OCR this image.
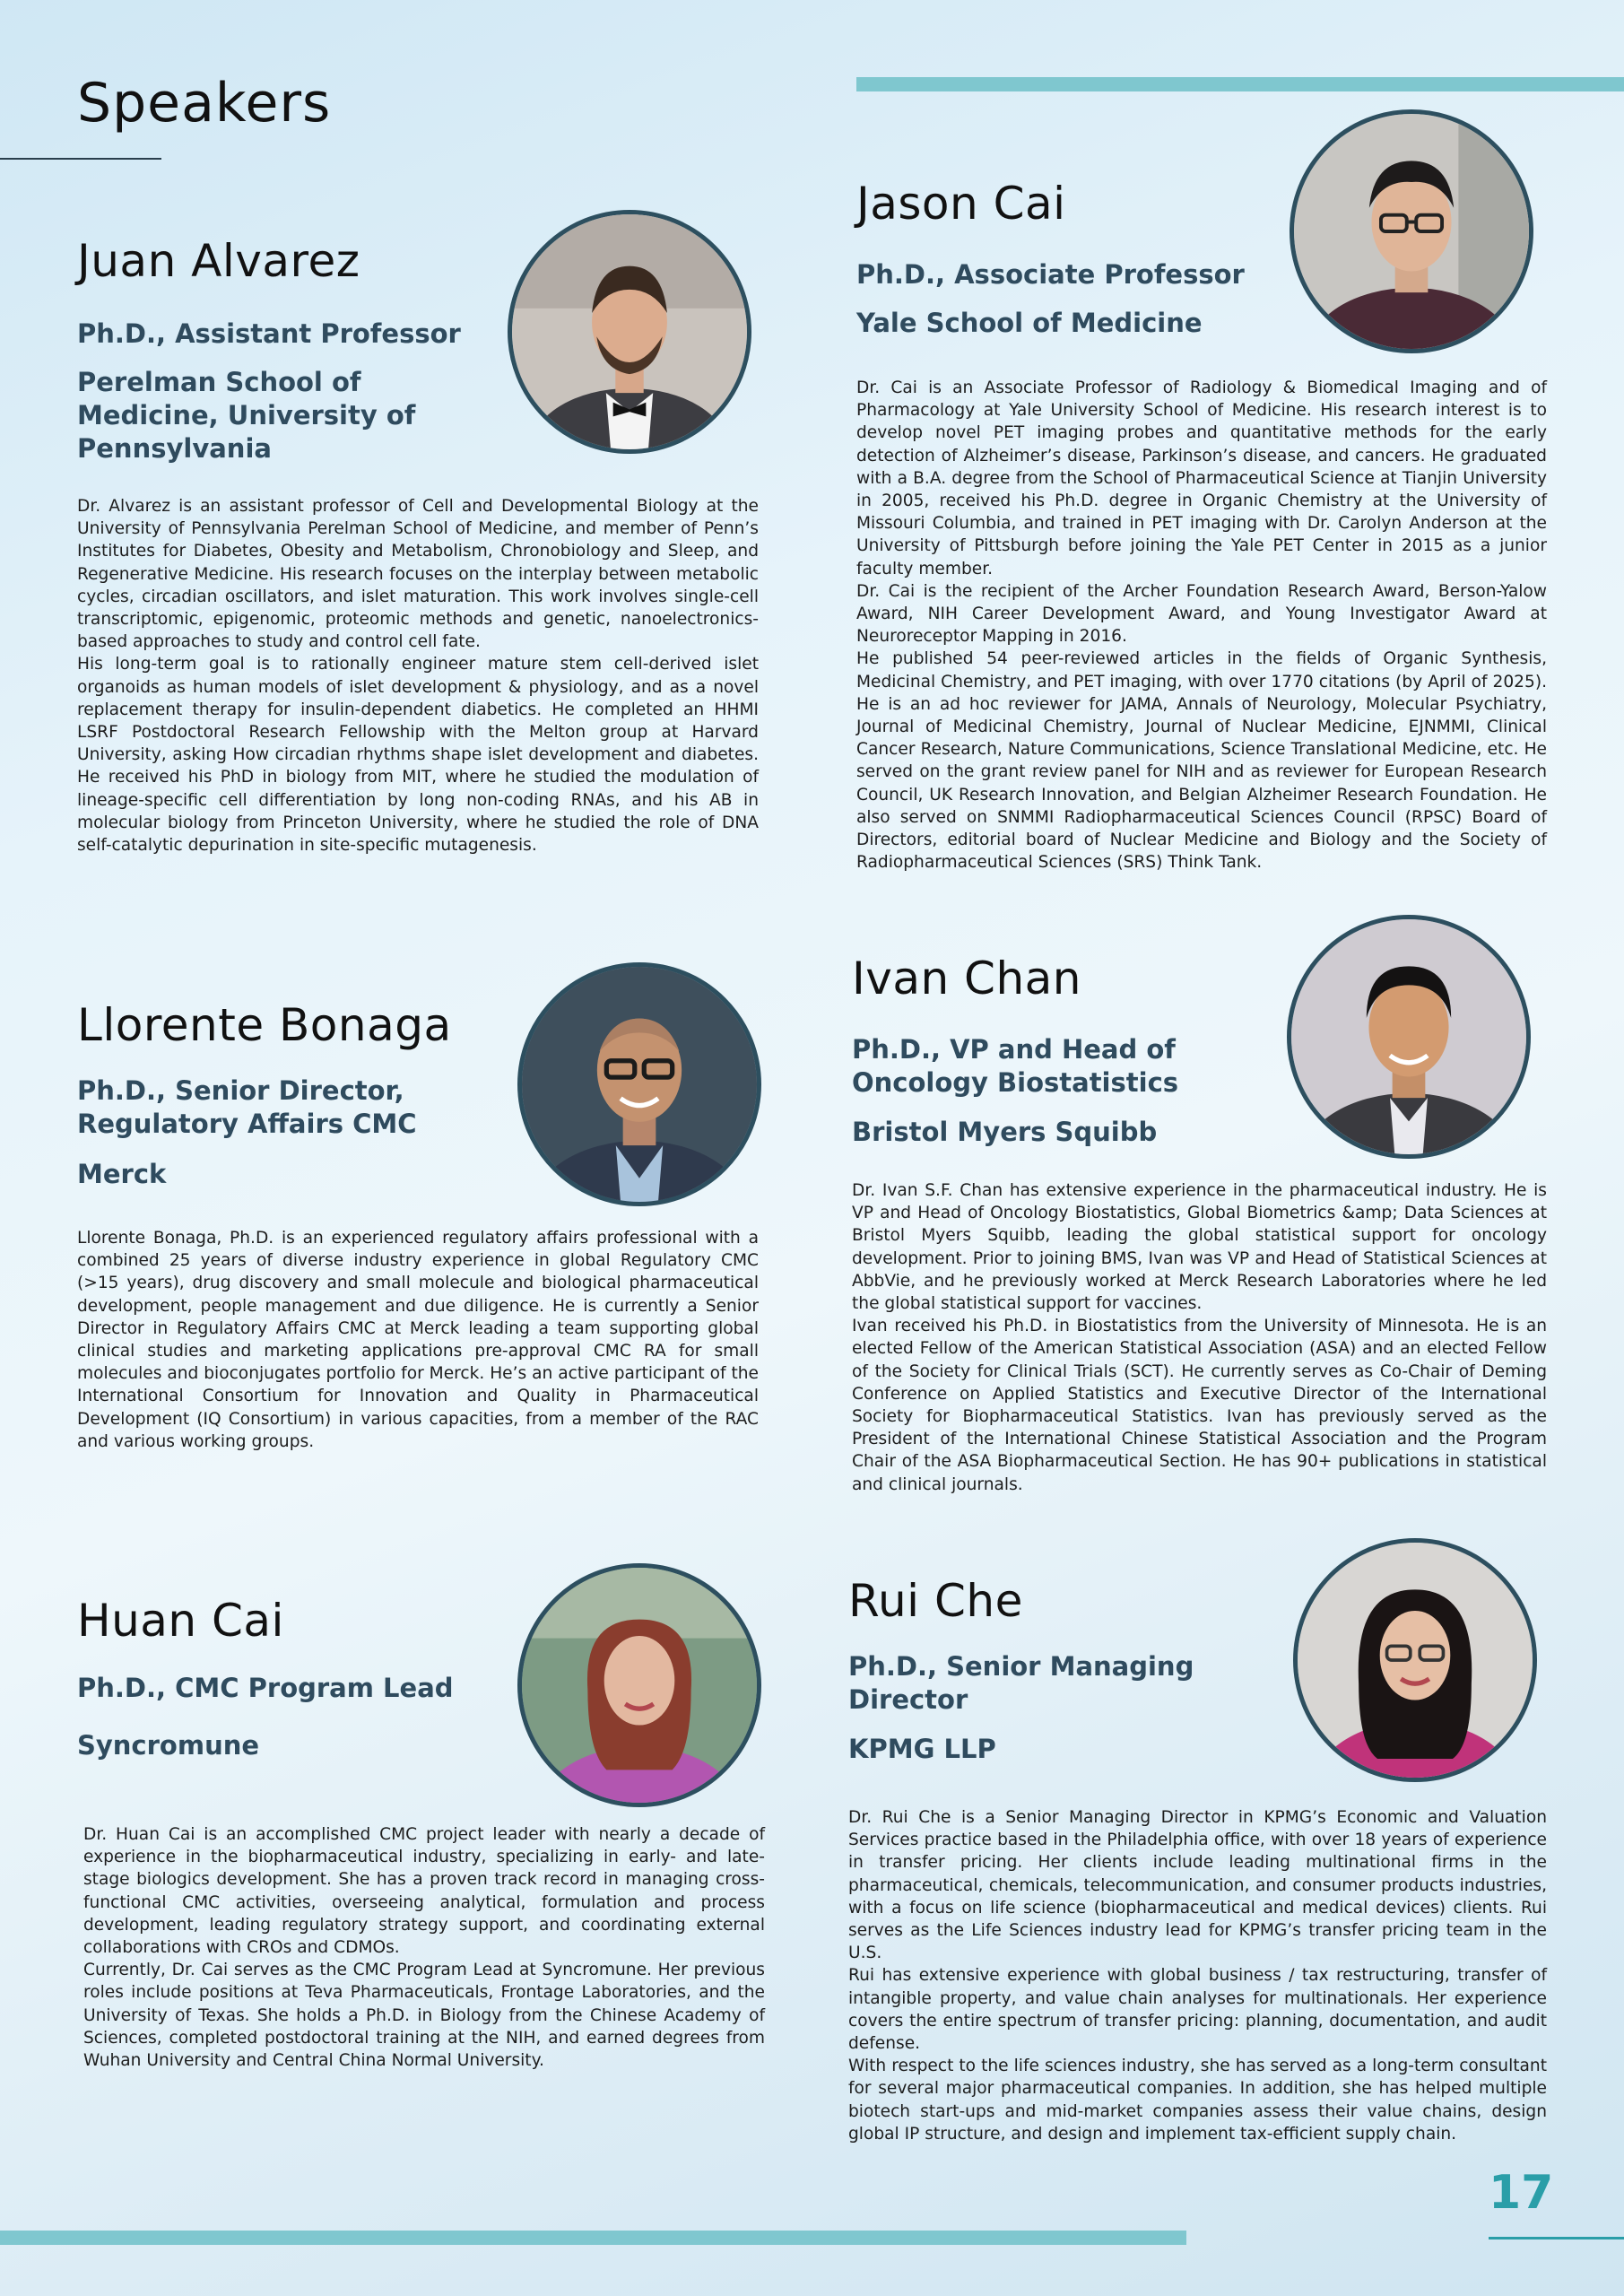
Speakers
Juan Alvarez
Ph.D., Assistant Professor
Perelman School of Medicine, University of Pennsylvania

Dr. Alvarez is an assistant professor of Cell and Developmental Biology at the University of Pennsylvania Perelman School of Medicine, and member of Penn’s Institutes for Diabetes, Obesity and Metabolism, Chronobiology and Sleep, and Regenerative Medicine. His research focuses on the interplay between metabolic cycles, circadian oscillators, and islet maturation. This work involves single-cell transcriptomic, epigenomic, proteomic methods and genetic, nanoelectronics-based approaches to study and control cell fate.

His long-term goal is to rationally engineer mature stem cell-derived islet organoids as human models of islet development & physiology, and as a novel replacement therapy for insulin-dependent diabetics. He completed an HHMI LSRF Postdoctoral Research Fellowship with the Melton group at Harvard University, asking How circadian rhythms shape islet development and diabetes. He received his PhD in biology from MIT, where he studied the modulation of lineage-specific cell differentiation by long non-coding RNAs, and his AB in molecular biology from Princeton University, where he studied the role of DNA self-catalytic depurination in site-specific mutagenesis.

Jason Cai
Ph.D., Associate Professor
Yale School of Medicine

Dr. Cai is an Associate Professor of Radiology & Biomedical Imaging and of Pharmacology at Yale University School of Medicine. His research interest is to develop novel PET imaging probes and quantitative methods for the early detection of Alzheimer’s disease, Parkinson’s disease, and cancers. He graduated with a B.A. degree from the School of Pharmaceutical Science at Tianjin University in 2005, received his Ph.D. degree in Organic Chemistry at the University of Missouri Columbia, and trained in PET imaging with Dr. Carolyn Anderson at the University of Pittsburgh before joining the Yale PET Center in 2015 as a junior faculty member.

Dr. Cai is the recipient of the Archer Foundation Research Award, Berson-Yalow Award, NIH Career Development Award, and Young Investigator Award at Neuroreceptor Mapping in 2016.

He published 54 peer-reviewed articles in the fields of Organic Synthesis, Medicinal Chemistry, and PET imaging, with over 1770 citations (by April of 2025). He is an ad hoc reviewer for JAMA, Annals of Neurology, Molecular Psychiatry, Journal of Medicinal Chemistry, Journal of Nuclear Medicine, EJNMMI, Clinical Cancer Research, Nature Communications, Science Translational Medicine, etc. He served on the grant review panel for NIH and as reviewer for European Research Council, UK Research Innovation, and Belgian Alzheimer Research Foundation. He also served on SNMMI Radiopharmaceutical Sciences Council (RPSC) Board of Directors, editorial board of Nuclear Medicine and Biology and the Society of Radiopharmaceutical Sciences (SRS) Think Tank.

Llorente Bonaga
Ph.D., Senior Director, Regulatory Affairs CMC
Merck

Llorente Bonaga, Ph.D. is an experienced regulatory affairs professional with a combined 25 years of diverse industry experience in global Regulatory CMC (>15 years), drug discovery and small molecule and biological pharmaceutical development, people management and due diligence. He is currently a Senior Director in Regulatory Affairs CMC at Merck leading a team supporting global clinical studies and marketing applications pre-approval CMC RA for small molecules and bioconjugates portfolio for Merck. He’s an active participant of the International Consortium for Innovation and Quality in Pharmaceutical Development (IQ Consortium) in various capacities, from a member of the RAC and various working groups.

Ivan Chan
Ph.D., VP and Head of Oncology Biostatistics
Bristol Myers Squibb

Dr. Ivan S.F. Chan has extensive experience in the pharmaceutical industry. He is VP and Head of Oncology Biostatistics, Global Biometrics &amp; Data Sciences at Bristol Myers Squibb, leading the global statistical support for oncology development. Prior to joining BMS, Ivan was VP and Head of Statistical Sciences at AbbVie, and he previously worked at Merck Research Laboratories where he led the global statistical support for vaccines.

Ivan received his Ph.D. in Biostatistics from the University of Minnesota. He is an elected Fellow of the American Statistical Association (ASA) and an elected Fellow of the Society for Clinical Trials (SCT). He currently serves as Co-Chair of Deming Conference on Applied Statistics and Executive Director of the International Society for Biopharmaceutical Statistics. Ivan has previously served as the President of the International Chinese Statistical Association and the Program Chair of the ASA Biopharmaceutical Section. He has 90+ publications in statistical and clinical journals.

Huan Cai
Ph.D., CMC Program Lead
Syncromune

Dr. Huan Cai is an accomplished CMC project leader with nearly a decade of experience in the biopharmaceutical industry, specializing in early- and late-stage biologics development. She has a proven track record in managing cross-functional CMC activities, overseeing analytical, formulation and process development, leading regulatory strategy support, and coordinating external collaborations with CROs and CDMOs.

Currently, Dr. Cai serves as the CMC Program Lead at Syncromune. Her previous roles include positions at Teva Pharmaceuticals, Frontage Laboratories, and the University of Texas. She holds a Ph.D. in Biology from the Chinese Academy of Sciences, completed postdoctoral training at the NIH, and earned degrees from Wuhan University and Central China Normal University.

Rui Che
Ph.D., Senior Managing Director
KPMG LLP

Dr. Rui Che is a Senior Managing Director in KPMG’s Economic and Valuation Services practice based in the Philadelphia office, with over 18 years of experience in transfer pricing. Her clients include leading multinational firms in the pharmaceutical, chemicals, telecommunication, and consumer products industries, with a focus on life science (biopharmaceutical and medical devices) clients. Rui serves as the Life Sciences industry lead for KPMG’s transfer pricing team in the U.S.

Rui has extensive experience with global business / tax restructuring, transfer of intangible property, and value chain analyses for multinationals. Her experience covers the entire spectrum of transfer pricing: planning, documentation, and audit defense.

With respect to the life sciences industry, she has served as a long-term consultant for several major pharmaceutical companies. In addition, she has helped multiple biotech start-ups and mid-market companies assess their value chains, design global IP structure, and design and implement tax-efficient supply chain.

17
